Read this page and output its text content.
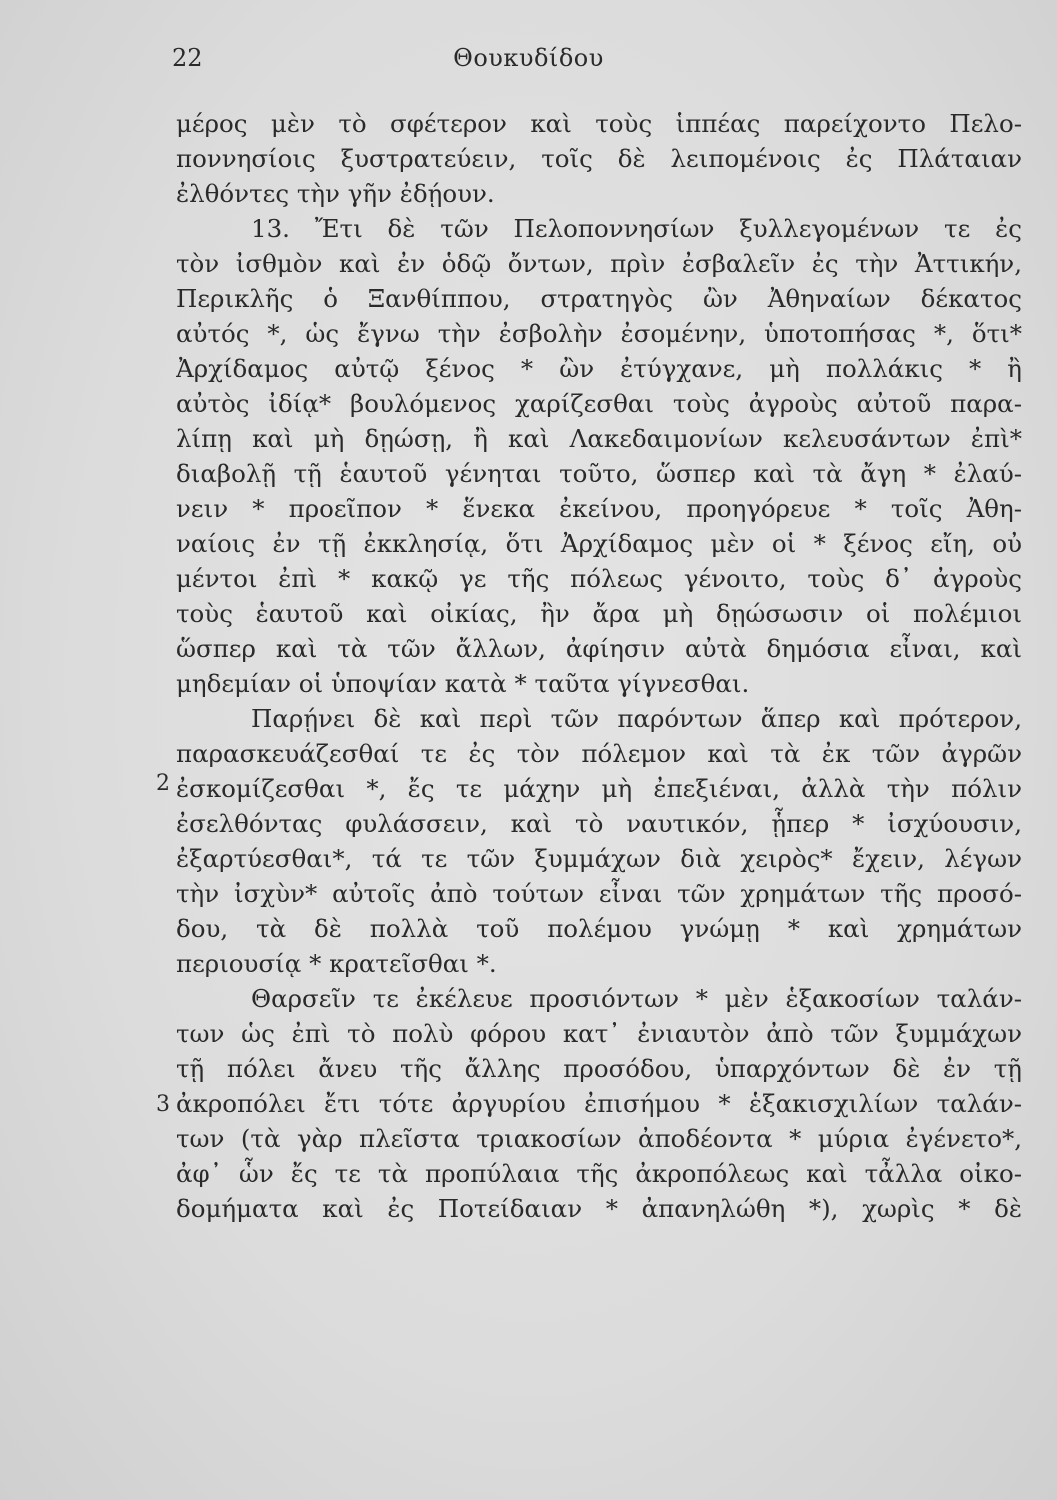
22	Θουκυδίδου
2
3
μέρος μὲν τὸ σφέτερον καὶ τοὺς ἱππέας παρείχοντο Πελο-
ποννησίοις ξυστρατεύειν, τοῖς δὲ λειπομένοις ἐς Πλάταιαν
ἐλθόντες τὴν γῆν ἐδῄουν.
13. Ἔτι δὲ τῶν Πελοποννησίων ξυλλεγομένων τε ἐς
τὸν ἰσθμὸν καὶ ἐν ὁδῷ ὄντων, πρὶν ἐσβαλεῖν ἐς τὴν Ἀττικήν,
Περικλῆς ὁ Ξανθίππου, στρατηγὸς ὢν Ἀθηναίων δέκατος
αὐτός *, ὡς ἔγνω τὴν ἐσβολὴν ἐσομένην, ὑποτοπήσας *, ὅτι*
Ἀρχίδαμος αὐτῷ ξένος * ὢν ἐτύγχανε, μὴ πολλάκις * ἢ
αὐτὸς ἰδίᾳ* βουλόμενος χαρίζεσθαι τοὺς ἀγροὺς αὐτοῦ παρα-
λίπῃ καὶ μὴ δῃώσῃ, ἢ καὶ Λακεδαιμονίων κελευσάντων ἐπὶ*
διαβολῇ τῇ ἑαυτοῦ γένηται τοῦτο, ὥσπερ καὶ τὰ ἄγη * ἐλαύ-
νειν * προεῖπον * ἕνεκα ἐκείνου, προηγόρευε * τοῖς Ἀθη-
ναίοις ἐν τῇ ἐκκλησίᾳ, ὅτι Ἀρχίδαμος μὲν οἱ * ξένος εἴη, οὐ
μέντοι ἐπὶ * κακῷ γε τῆς πόλεως γένοιτο, τοὺς δ᾽ ἀγροὺς
τοὺς ἑαυτοῦ καὶ οἰκίας, ἢν ἄρα μὴ δῃώσωσιν οἱ πολέμιοι
ὥσπερ καὶ τὰ τῶν ἄλλων, ἀφίησιν αὐτὰ δημόσια εἶναι, καὶ
μηδεμίαν οἱ ὑποψίαν κατὰ * ταῦτα γίγνεσθαι.
Παρῄνει δὲ καὶ περὶ τῶν παρόντων ἅπερ καὶ πρότερον,
παρασκευάζεσθαί τε ἐς τὸν πόλεμον καὶ τὰ ἐκ τῶν ἀγρῶν
ἐσκομίζεσθαι *, ἔς τε μάχην μὴ ἐπεξιέναι, ἀλλὰ τὴν πόλιν
ἐσελθόντας φυλάσσειν, καὶ τὸ ναυτικόν, ᾗπερ * ἰσχύουσιν,
ἐξαρτύεσθαι*, τά τε τῶν ξυμμάχων διὰ χειρὸς* ἔχειν, λέγων
τὴν ἰσχὺν* αὐτοῖς ἀπὸ τούτων εἶναι τῶν χρημάτων τῆς προσό-
δου, τὰ δὲ πολλὰ τοῦ πολέμου γνώμῃ * καὶ χρημάτων
περιουσίᾳ * κρατεῖσθαι *.
Θαρσεῖν τε ἐκέλευε προσιόντων * μὲν ἑξακοσίων ταλάν-
των ὡς ἐπὶ τὸ πολὺ φόρου κατ᾽ ἐνιαυτὸν ἀπὸ τῶν ξυμμάχων
τῇ πόλει ἄνευ τῆς ἄλλης προσόδου, ὑπαρχόντων δὲ ἐν τῇ
ἀκροπόλει ἔτι τότε ἀργυρίου ἐπισήμου * ἑξακισχιλίων ταλάν-
των (τὰ γὰρ πλεῖστα τριακοσίων ἀποδέοντα * μύρια ἐγένετο*,
ἀφ᾽ ὧν ἔς τε τὰ προπύλαια τῆς ἀκροπόλεως καὶ τἆλλα οἰκο-
δομήματα καὶ ἐς Ποτείδαιαν * ἀπανηλώθη *), χωρὶς * δὲ
